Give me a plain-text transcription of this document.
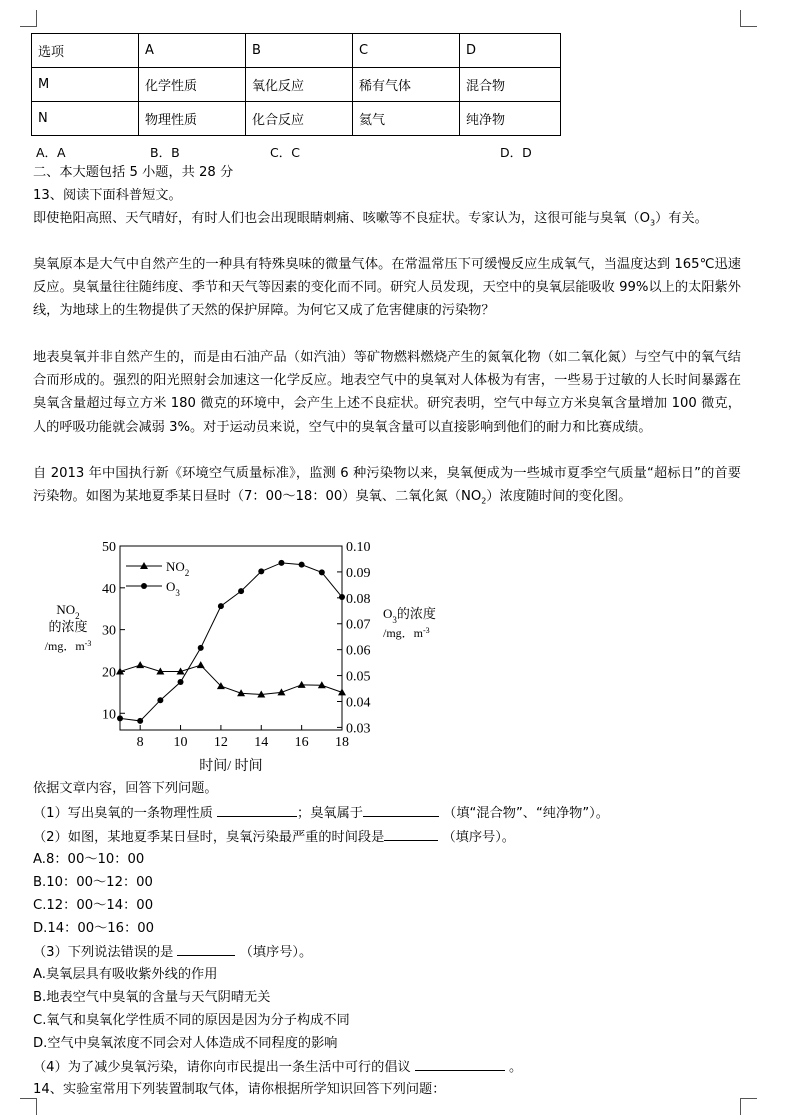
选项	A	B	C	D
M	化学性质	氧化反应	稀有气体	混合物
N	物理性质	化合反应	氦气	纯净物
A．A	B．B	C．C	D．D
二、本大题包括 5 小题，共 28 分
13、阅读下面科普短文。
即使艳阳高照、天气晴好，有时人们也会出现眼睛刺痛、咳嗽等不良症状。专家认为，这很可能与臭氧$(O_3)$有关。
臭氧原本是大气中自然产生的一种具有特殊臭味的微量气体。在常温常压下可缓慢反应生成氧气，当温度达到 165℃迅速反应。臭氧量往往随纬度、季节和天气等因素的变化而不同。研究人员发现，天空中的臭氧层能吸收 99%以上的太阳紫外线，为地球上的生物提供了天然的保护屏障。为何它又成了危害健康的污染物？
地表臭氧并非自然产生的，而是由石油产品（如汽油）等矿物燃料燃烧产生的氮氧化物（如二氧化氮）与空气中的氧气结合而形成的。强烈的阳光照射会加速这一化学反应。地表空气中的臭氧对人体极为有害，一些易于过敏的人长时间暴露在臭氧含量超过每立方米 180 微克的环境中，会产生上述不良症状。研究表明，空气中每立方米臭氧含量增加 100 微克，人的呼吸功能就会减弱 3%。对于运动员来说，空气中的臭氧含量可以直接影响到他们的耐力和比赛成绩。
自 2013 年中国执行新《环境空气质量标准》，监测 6 种污染物以来，臭氧便成为一些城市夏季空气质量“超标日”的首要污染物。如图为某地夏季某日昼时（7：00～18：00）臭氧、二氧化氮$(NO_2)$浓度随时间的变化图。
8 10 12 14 16 18
时间/ 时间
10
20
30
40
50
0.03
0.04
0.05
0.06
0.07
0.08
0.09
0.10
$NO_2$
的浓度
/mg．$m^{-3}$
$O_3$的浓度
/mg．$m^{-3}$
$NO_2$
$O_3$
依据文章内容，回答下列问题。
（1）写出臭氧的一条物理性质	；臭氧属于	（填“混合物”、“纯净物”）。
（2）如图，某地夏季某日昼时，臭氧污染最严重的时间段是	（填序号）。
A.8：00～10：00
B.10：00～12：00
C.12：00～14：00
D.14：00～16：00
（3）下列说法错误的是	（填序号）。
A.臭氧层具有吸收紫外线的作用
B.地表空气中臭氧的含量与天气阴晴无关
C.氧气和臭氧化学性质不同的原因是因为分子构成不同
D.空气中臭氧浓度不同会对人体造成不同程度的影响
（4）为了减少臭氧污染，请你向市民提出一条生活中可行的倡议	。
14、实验室常用下列装置制取气体，请你根据所学知识回答下列问题：
